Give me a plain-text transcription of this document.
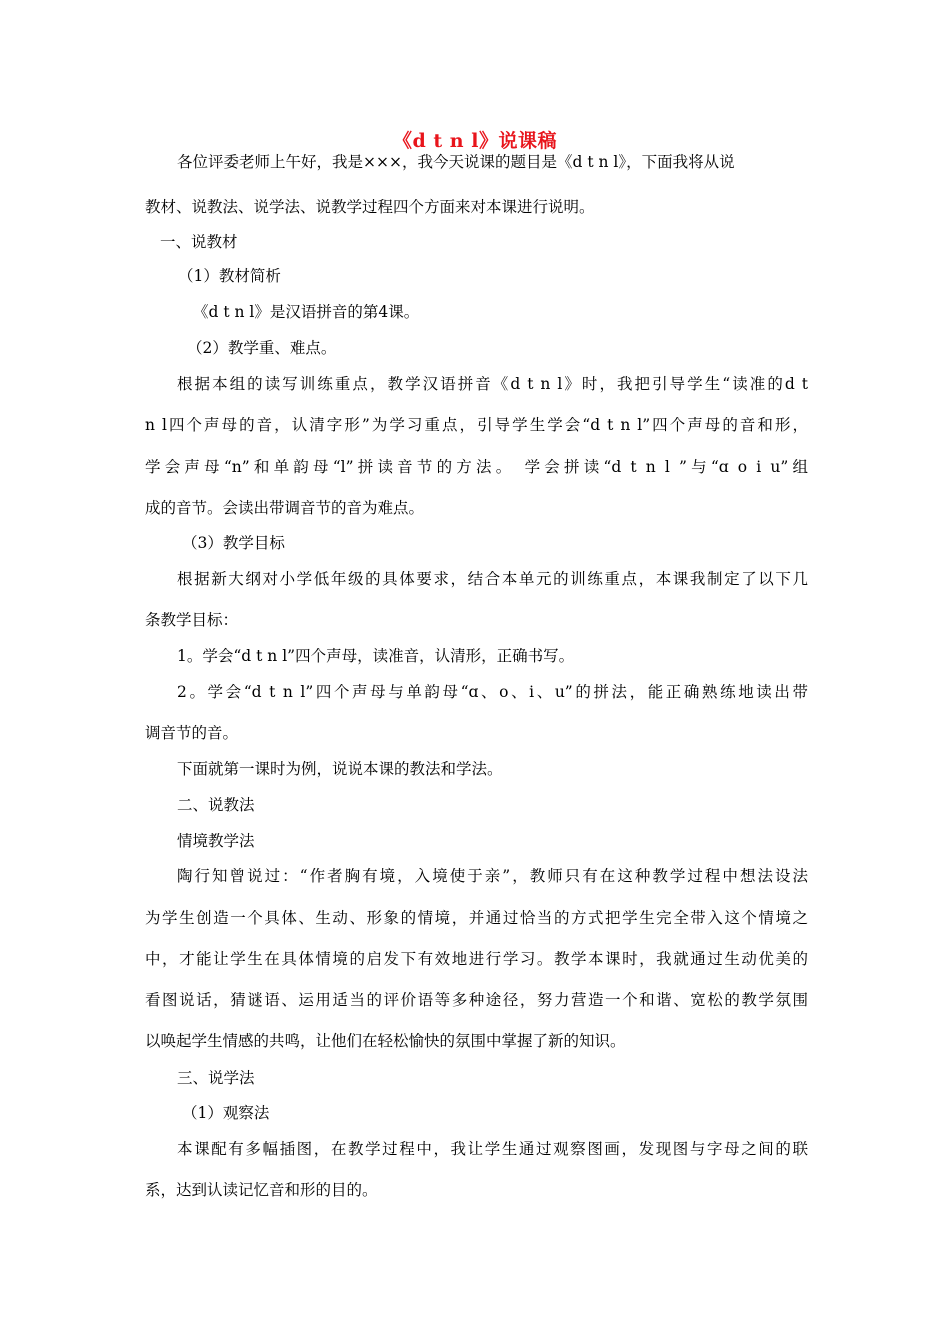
《d t n l》说课稿
各位评委老师上午好，我是×××，我今天说课的题目是《d t n l》，下面我将从说
教材、说教法、说学法、说教学过程四个方面来对本课进行说明。
一、说教材
（1）教材简析
《d t n l》是汉语拼音的第4课。
（2）教学重、难点。
根据本组的读写训练重点，教学汉语拼音《d t n l》时，我把引导学生“读准的d t
n l四个声母的音，认清字形”为学习重点，引导学生学会“d t n l”四个声母的音和形，
学会声母“n”和单韵母“l”拼读音节的方法。 学会拼读“d t n l ”与“ɑ o i u”组
成的音节。会读出带调音节的音为难点。
（3）教学目标
根据新大纲对小学低年级的具体要求，结合本单元的训练重点，本课我制定了以下几
条教学目标：
1。学会“d t n l”四个声母，读准音，认清形，正确书写。
2。学会“d t n l”四个声母与单韵母“ɑ、o、i、u”的拼法，能正确熟练地读出带
调音节的音。
下面就第一课时为例，说说本课的教法和学法。
二、说教法
情境教学法
陶行知曾说过：“作者胸有境，入境使于亲”，教师只有在这种教学过程中想法设法
为学生创造一个具体、生动、形象的情境，并通过恰当的方式把学生完全带入这个情境之
中，才能让学生在具体情境的启发下有效地进行学习。教学本课时，我就通过生动优美的
看图说话，猜谜语、运用适当的评价语等多种途径，努力营造一个和谐、宽松的教学氛围
以唤起学生情感的共鸣，让他们在轻松愉快的氛围中掌握了新的知识。
三、说学法
（1）观察法
本课配有多幅插图，在教学过程中，我让学生通过观察图画，发现图与字母之间的联
系，达到认读记忆音和形的目的。
